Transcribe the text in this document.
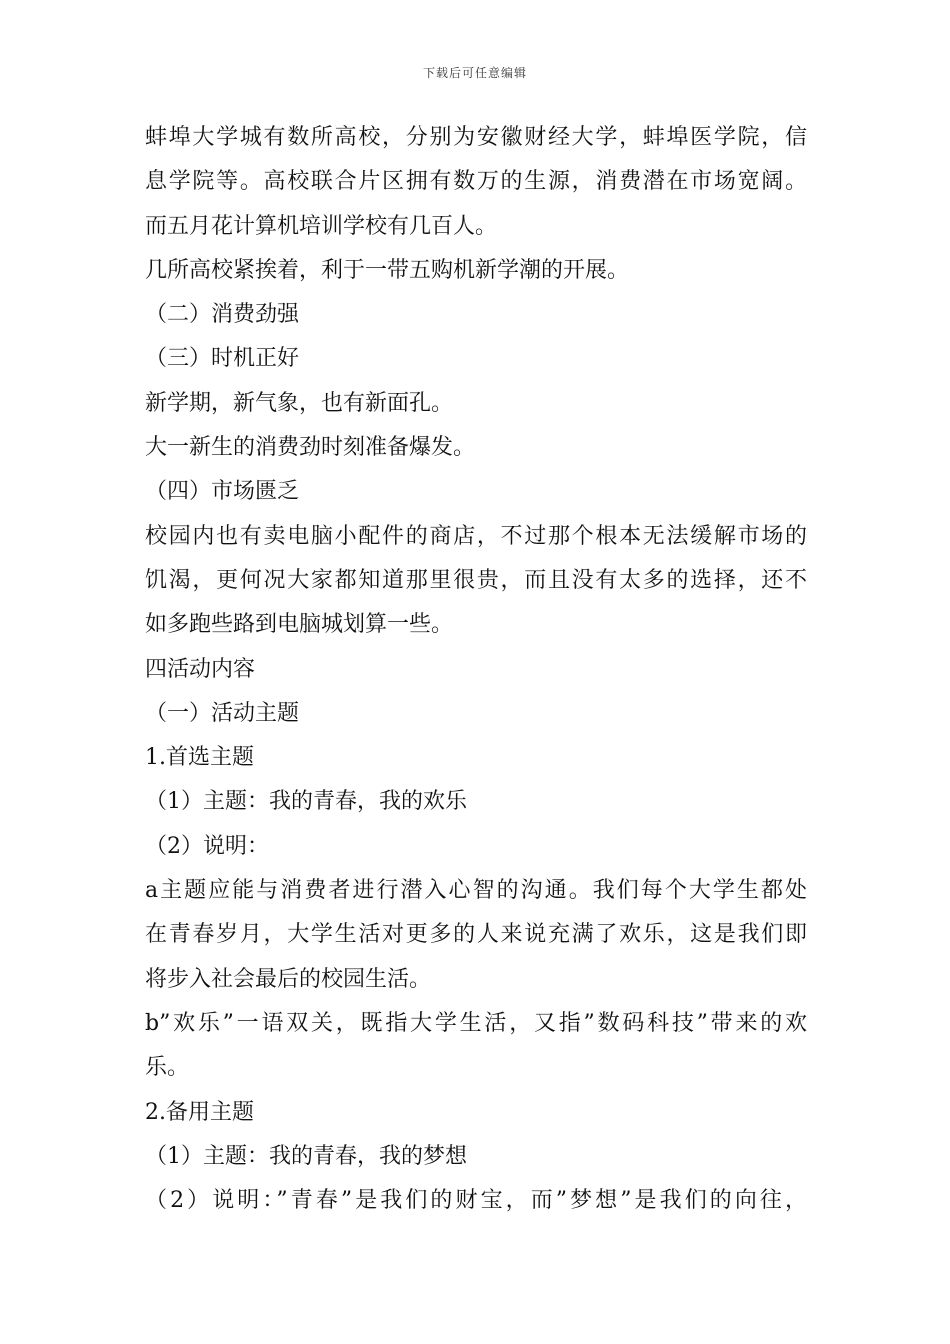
下载后可任意编辑
蚌埠大学城有数所高校，分别为安徽财经大学，蚌埠医学院，信
息学院等。高校联合片区拥有数万的生源，消费潜在市场宽阔。
而五月花计算机培训学校有几百人。
几所高校紧挨着，利于一带五购机新学潮的开展。
（二）消费劲强
（三）时机正好
新学期，新气象，也有新面孔。
大一新生的消费劲时刻准备爆发。
（四）市场匮乏
校园内也有卖电脑小配件的商店，不过那个根本无法缓解市场的
饥渴，更何况大家都知道那里很贵，而且没有太多的选择，还不
如多跑些路到电脑城划算一些。
四活动内容
（一）活动主题
1.首选主题
（1）主题：我的青春，我的欢乐
（2）说明：
a主题应能与消费者进行潜入心智的沟通。我们每个大学生都处
在青春岁月，大学生活对更多的人来说充满了欢乐，这是我们即
将步入社会最后的校园生活。
b”欢乐”一语双关，既指大学生活，又指”数码科技”带来的欢
乐。
2.备用主题
（1）主题：我的青春，我的梦想
（2）说明：”青春”是我们的财宝，而”梦想”是我们的向往，
